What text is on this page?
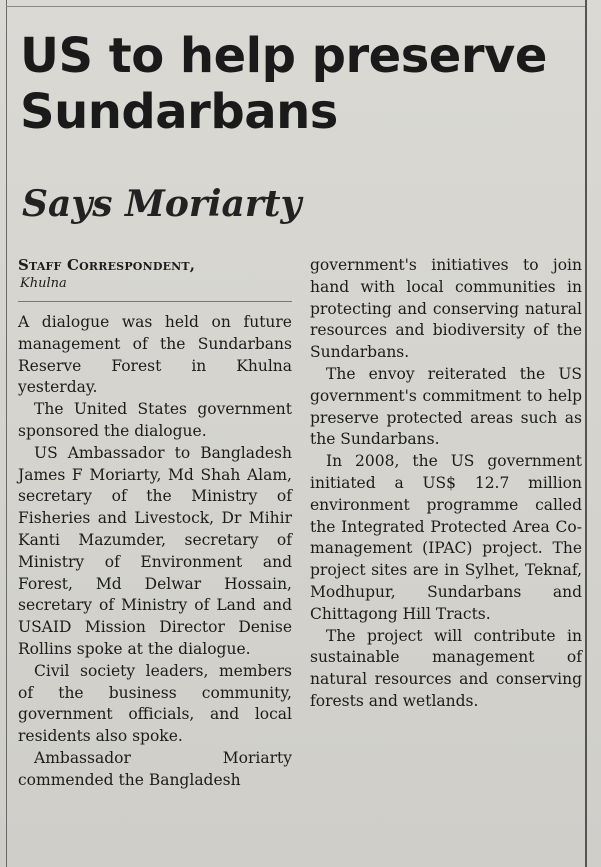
US to help preserve Sundarbans
Says Moriarty
Staff Correspondent,
Khulna

A dialogue was held on future management of the Sundarbans Reserve Forest in Khulna yesterday.

The United States government sponsored the dialogue.

US Ambassador to Bangladesh James F Moriarty, Md Shah Alam, secretary of the Ministry of Fisheries and Livestock, Dr Mihir Kanti Mazumder, secretary of Ministry of Environment and Forest, Md Delwar Hossain, secretary of Ministry of Land and USAID Mission Director Denise Rollins spoke at the dialogue.

Civil society leaders, members of the business community, government officials, and local residents also spoke.

Ambassador Moriarty commended the Bangladesh

government's initiatives to join hand with local communities in protecting and conserving natural resources and biodiversity of the Sundarbans.

The envoy reiterated the US government's commitment to help preserve protected areas such as the Sundarbans.

In 2008, the US government initiated a US$ 12.7 million environment programme called the Integrated Protected Area Co-management (IPAC) project. The project sites are in Sylhet, Teknaf, Modhupur, Sundarbans and Chittagong Hill Tracts.

The project will contribute in sustainable management of natural resources and conserving forests and wetlands.
